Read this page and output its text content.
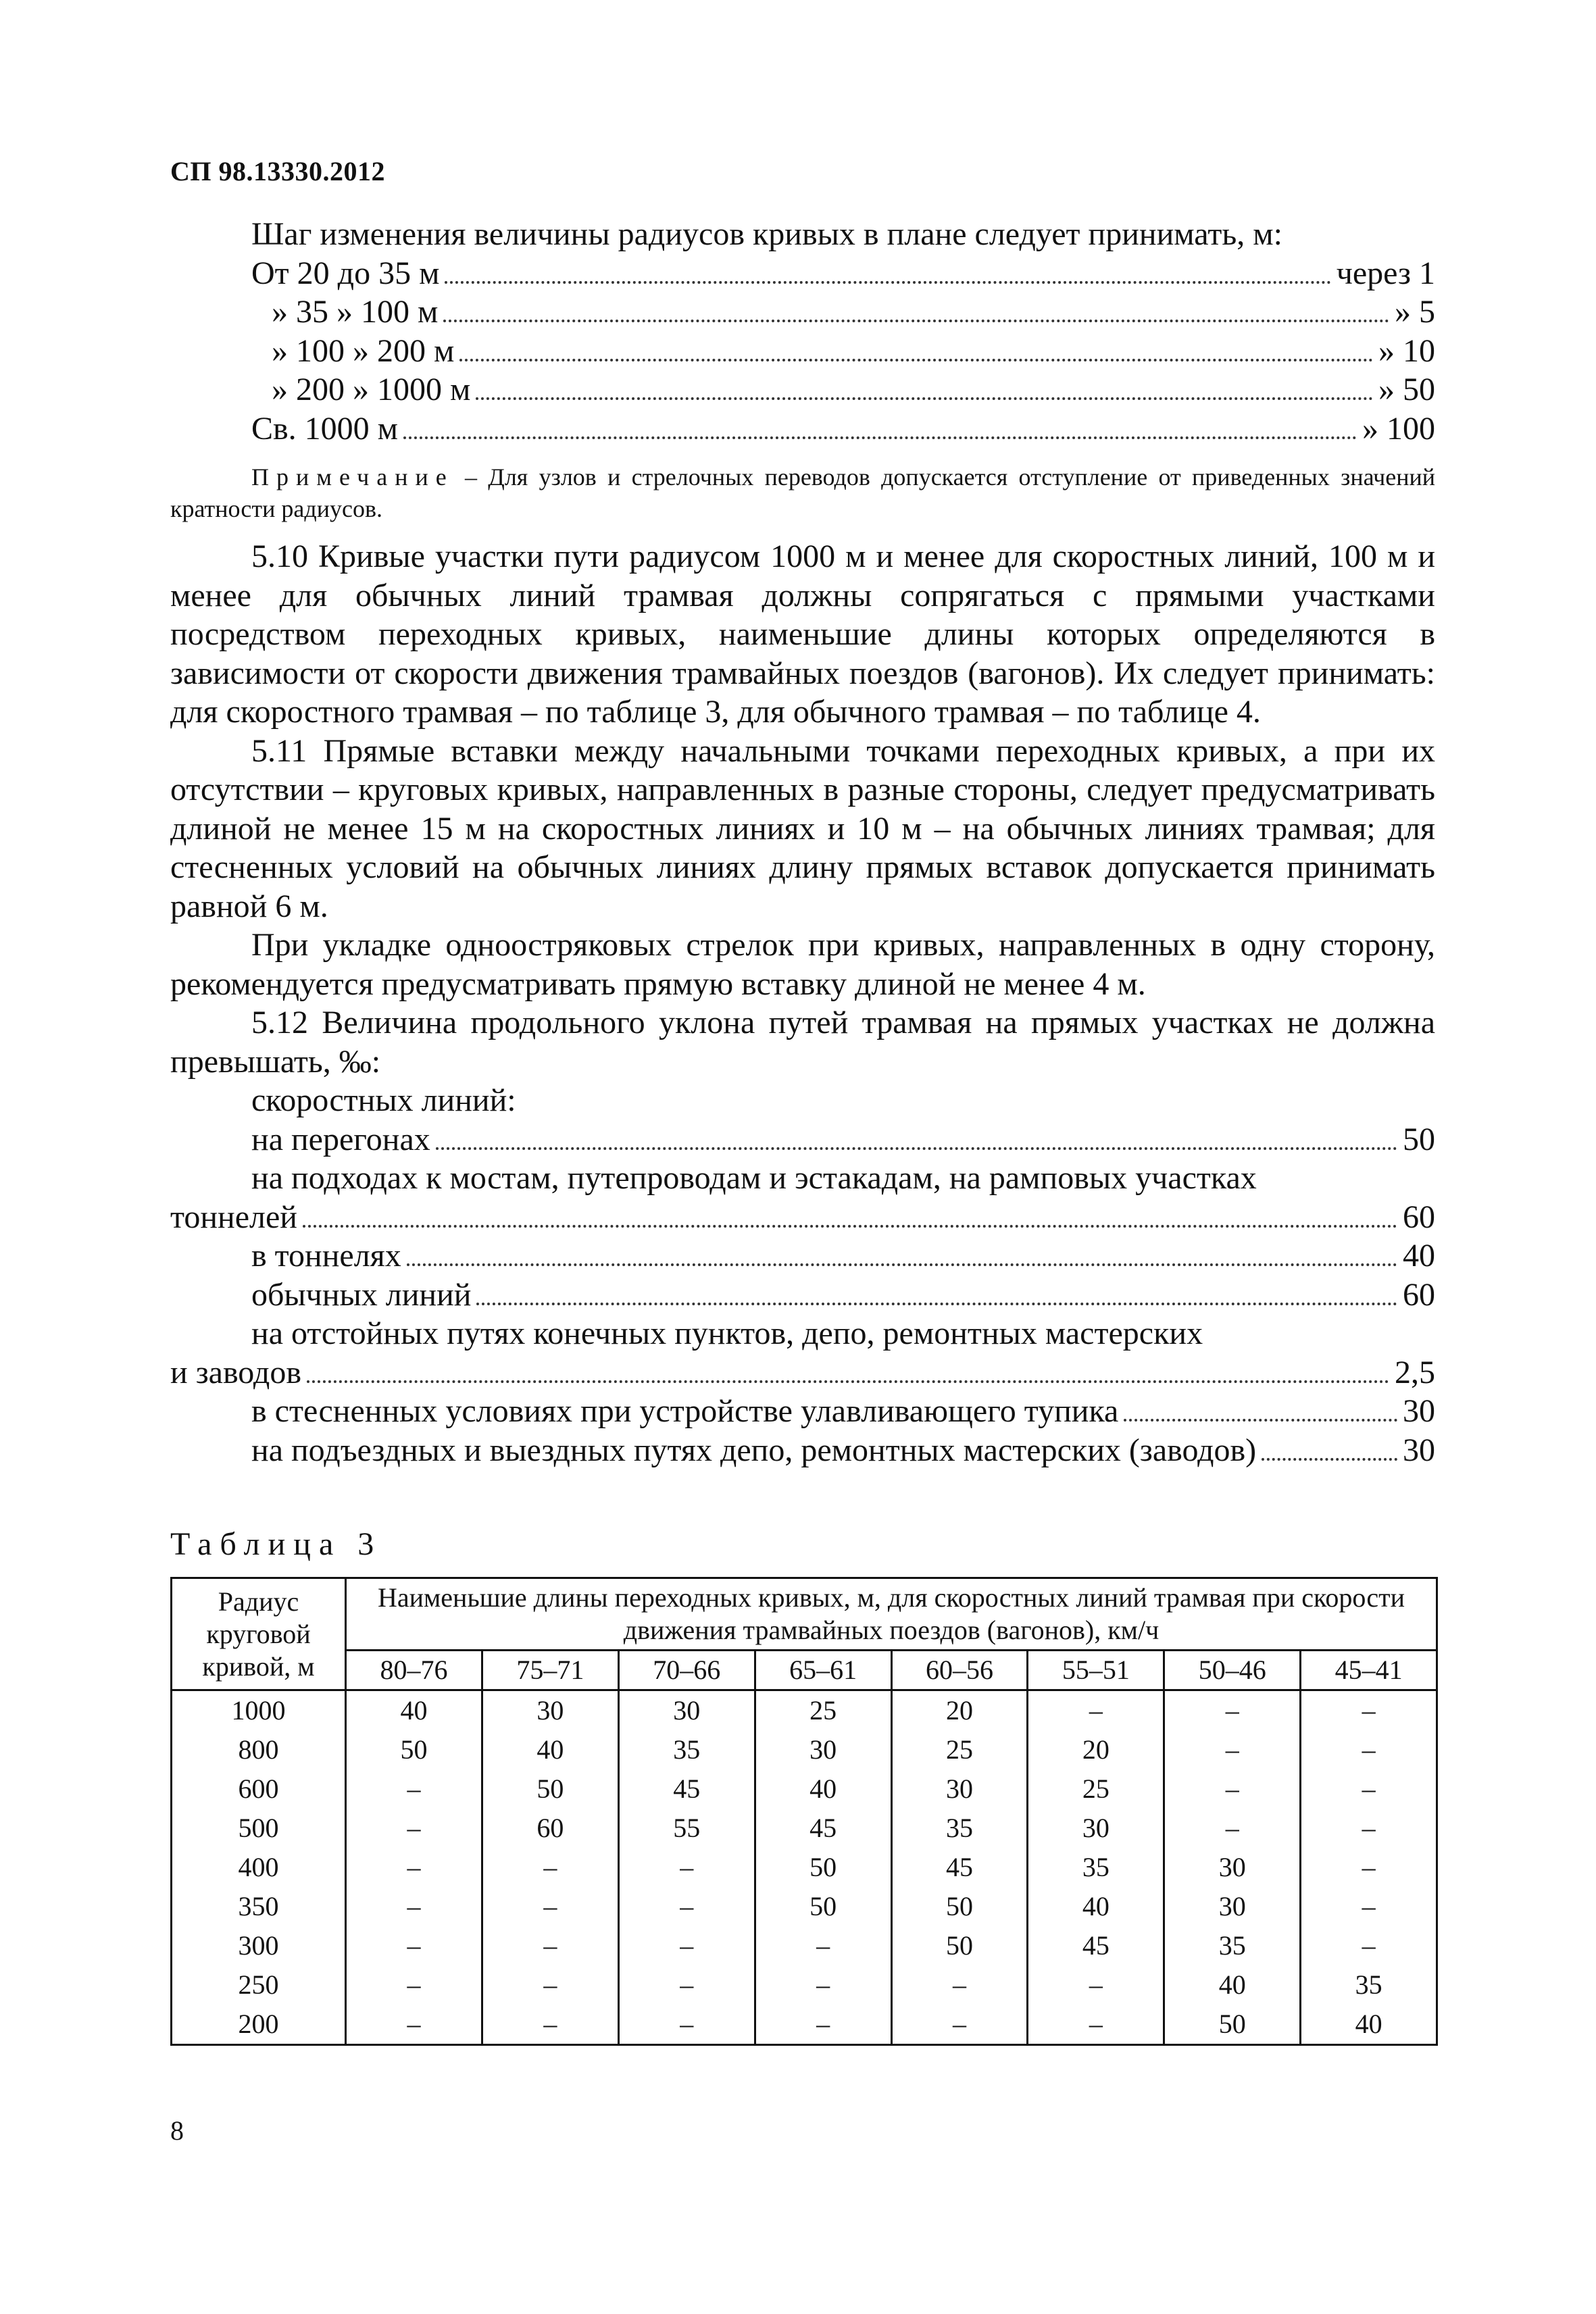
СП 98.13330.2012
Шаг изменения величины радиусов кривых в плане следует принимать, м:
От 20 до 35 м	через 1
» 35 » 100 м	» 5
» 100 » 200 м	» 10
» 200 » 1000 м	» 50
Св. 1000 м	» 100
Примечание – Для узлов и стрелочных переводов допускается отступление от приведенных значений кратности радиусов.

5.10 Кривые участки пути радиусом 1000 м и менее для скоростных линий, 100 м и менее для обычных линий трамвая должны сопрягаться с прямыми участками посредством переходных кривых, наименьшие длины которых определяются в зависимости от скорости движения трамвайных поездов (вагонов). Их следует принимать: для скоростного трамвая – по таблице 3, для обычного трамвая – по таблице 4.

5.11 Прямые вставки между начальными точками переходных кривых, а при их отсутствии – круговых кривых, направленных в разные стороны, следует предусматривать длиной не менее 15 м на скоростных линиях и 10 м – на обычных линиях трамвая; для стесненных условий на обычных линиях длину прямых вставок допускается принимать равной 6 м.

При укладке одноостряковых стрелок при кривых, направленных в одну сторону, рекомендуется предусматривать прямую вставку длиной не менее 4 м.

5.12 Величина продольного уклона путей трамвая на прямых участках не должна превышать, ‰:

скоростных линий:
на перегонах	50
на подходах к мостам, путепроводам и эстакадам, на рамповых участках
тоннелей	60
в тоннелях	40
обычных линий	60
на отстойных путях конечных пунктов, депо, ремонтных мастерских
и заводов	2,5
в стесненных условиях при устройстве улавливающего тупика	30
на подъездных и выездных путях депо, ремонтных мастерских (заводов)	30
Таблица 3
Радиус круговой кривой, м	Наименьшие длины переходных кривых, м, для скоростных линий трамвая при скорости движения трамвайных поездов (вагонов), км/ч							
	80–76	75–71	70–66	65–61	60–56	55–51	50–46	45–41
1000	40	30	30	25	20	–	–	–
800	50	40	35	30	25	20	–	–
600	–	50	45	40	30	25	–	–
500	–	60	55	45	35	30	–	–
400	–	–	–	50	45	35	30	–
350	–	–	–	50	50	40	30	–
300	–	–	–	–	50	45	35	–
250	–	–	–	–	–	–	40	35
200	–	–	–	–	–	–	50	40
8
